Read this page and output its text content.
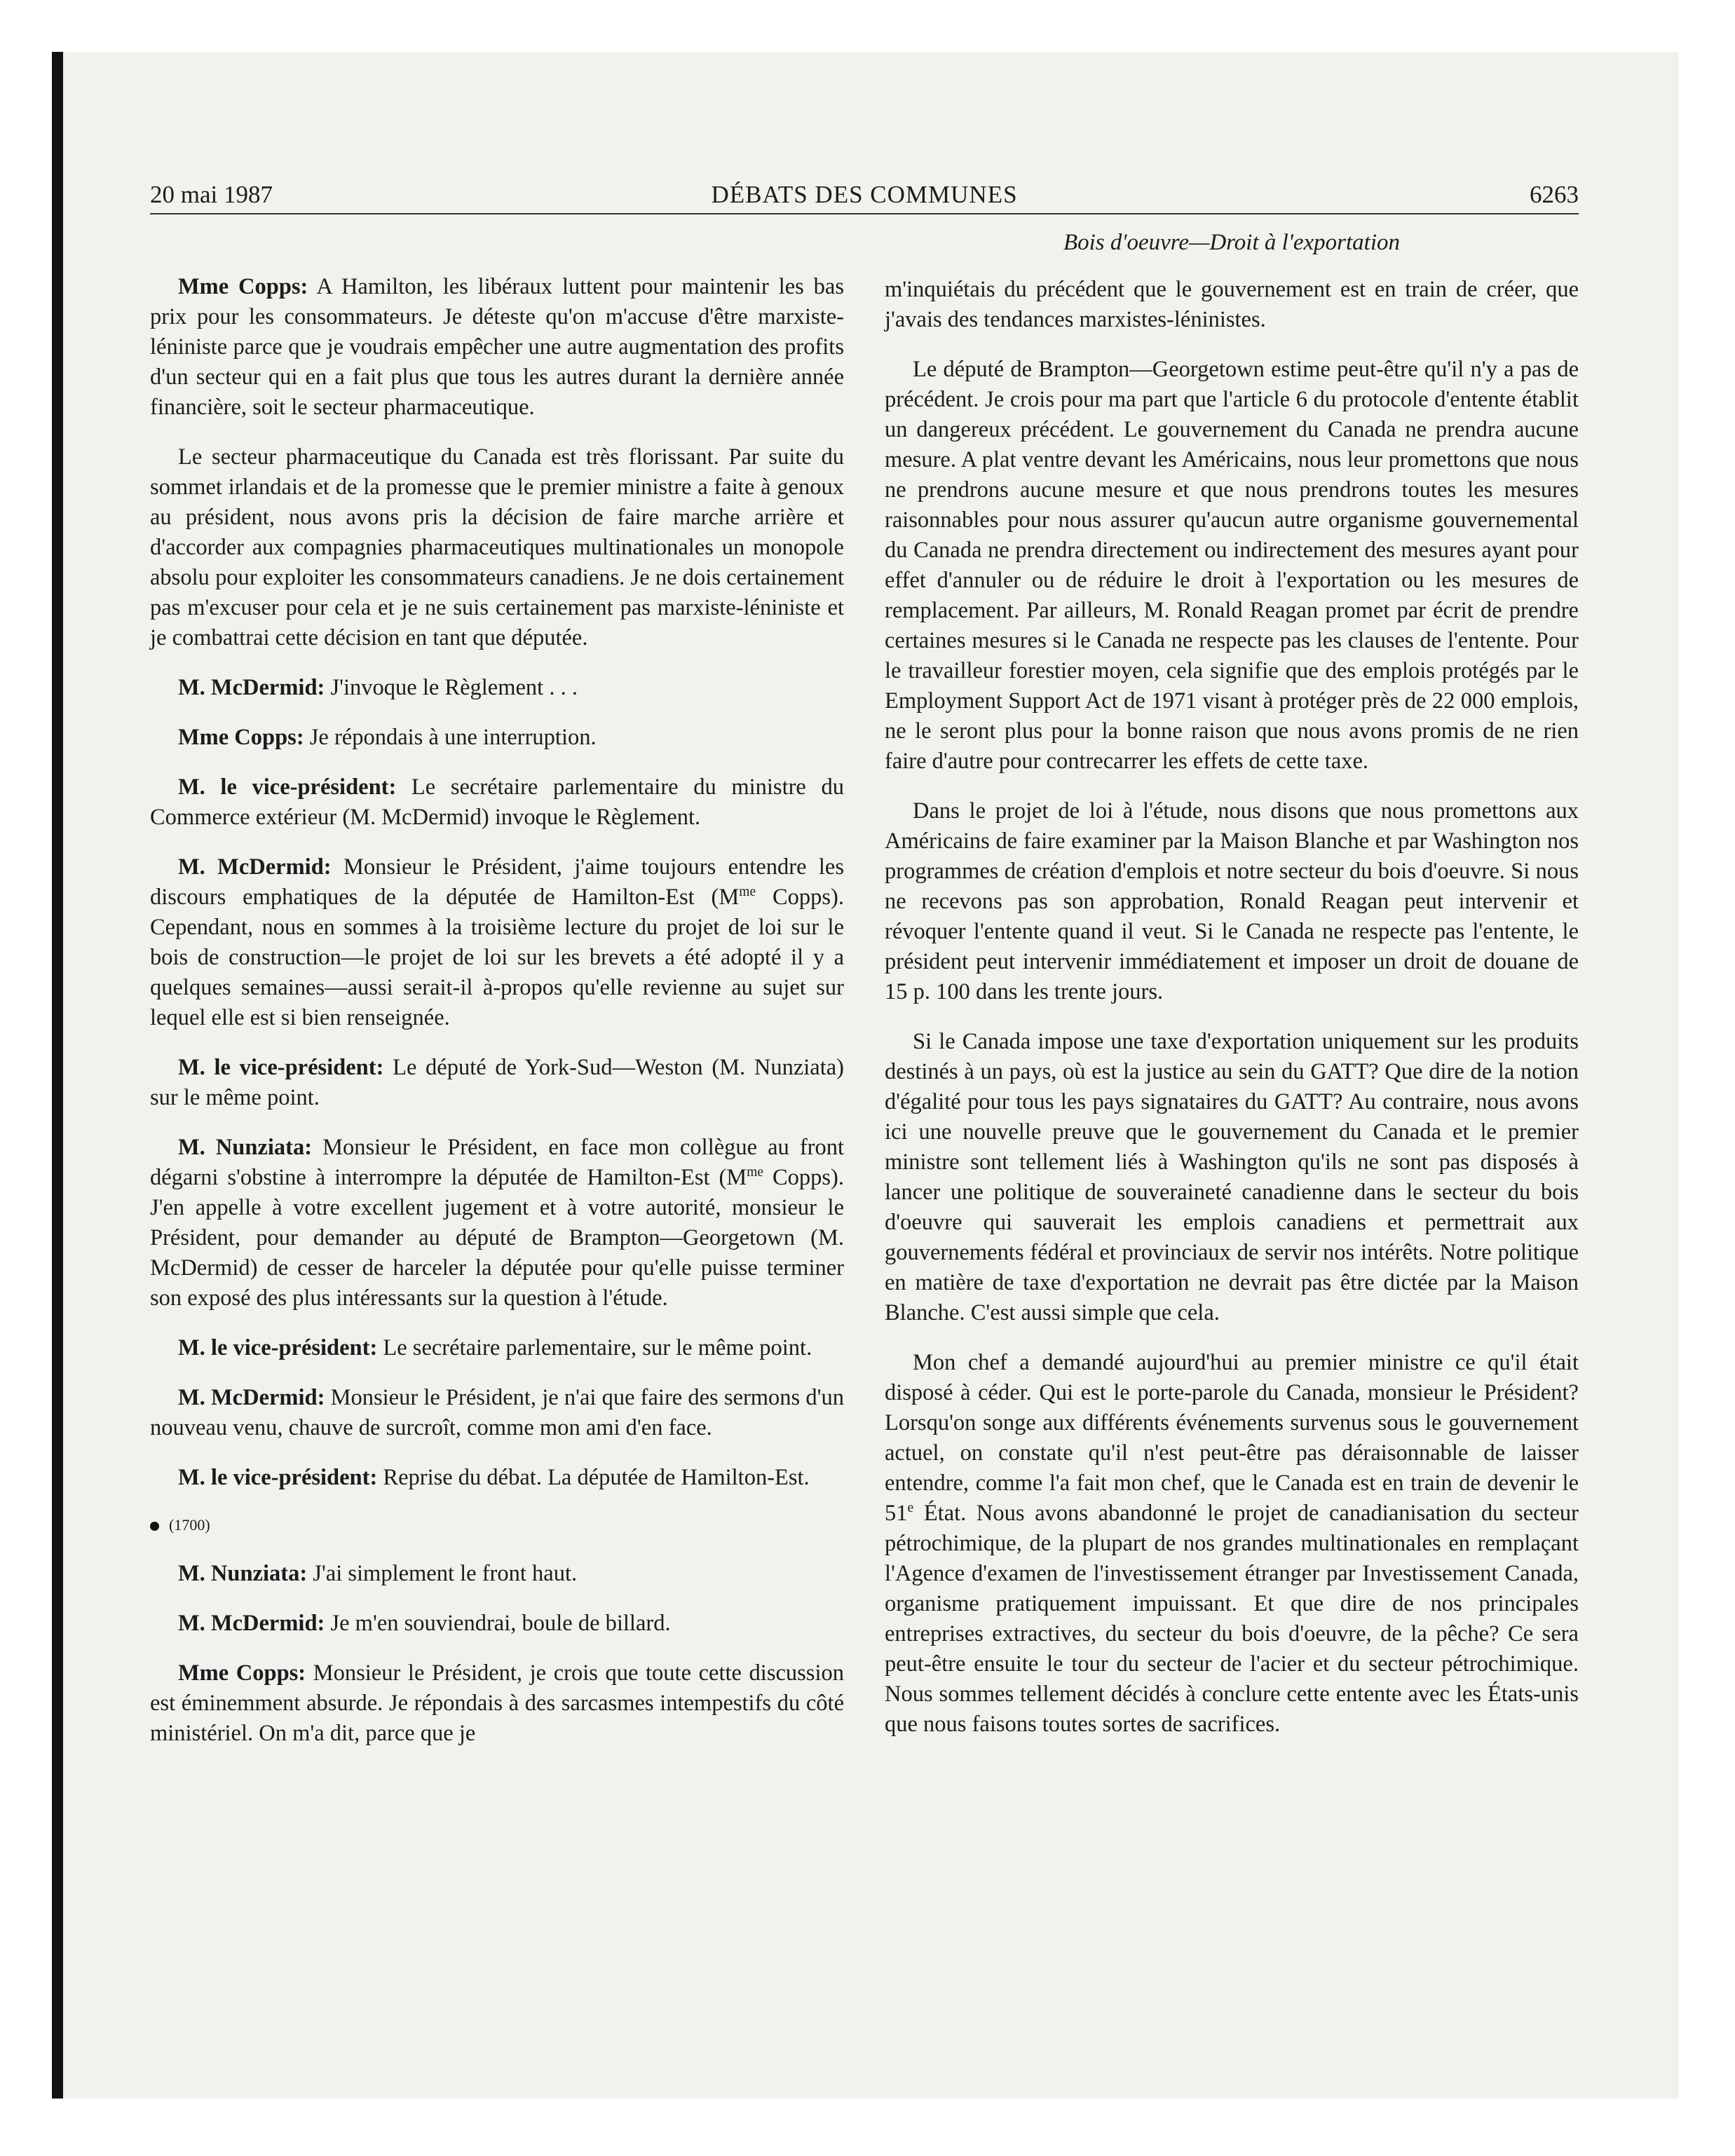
20 mai 1987	DÉBATS DES COMMUNES	6263
Bois d'oeuvre—Droit à l'exportation

Mme Copps: A Hamilton, les libéraux luttent pour maintenir les bas prix pour les consommateurs. Je déteste qu'on m'accuse d'être marxiste-léniniste parce que je voudrais empêcher une autre augmentation des profits d'un secteur qui en a fait plus que tous les autres durant la dernière année financière, soit le secteur pharmaceutique.

Le secteur pharmaceutique du Canada est très florissant. Par suite du sommet irlandais et de la promesse que le premier ministre a faite à genoux au président, nous avons pris la décision de faire marche arrière et d'accorder aux compagnies pharmaceutiques multinationales un monopole absolu pour exploiter les consommateurs canadiens. Je ne dois certainement pas m'excuser pour cela et je ne suis certainement pas marxiste-léniniste et je combattrai cette décision en tant que députée.

M. McDermid: J'invoque le Règlement . . .

Mme Copps: Je répondais à une interruption.

M. le vice-président: Le secrétaire parlementaire du ministre du Commerce extérieur (M. McDermid) invoque le Règlement.

M. McDermid: Monsieur le Président, j'aime toujours entendre les discours emphatiques de la députée de Hamilton-Est ($M^{me}$ Copps). Cependant, nous en sommes à la troisième lecture du projet de loi sur le bois de construction—le projet de loi sur les brevets a été adopté il y a quelques semaines—aussi serait-il à-propos qu'elle revienne au sujet sur lequel elle est si bien renseignée.

M. le vice-président: Le député de York-Sud—Weston (M. Nunziata) sur le même point.

M. Nunziata: Monsieur le Président, en face mon collègue au front dégarni s'obstine à interrompre la députée de Hamilton-Est ($M^{me}$ Copps). J'en appelle à votre excellent jugement et à votre autorité, monsieur le Président, pour demander au député de Brampton—Georgetown (M. McDermid) de cesser de harceler la députée pour qu'elle puisse terminer son exposé des plus intéressants sur la question à l'étude.

M. le vice-président: Le secrétaire parlementaire, sur le même point.

M. McDermid: Monsieur le Président, je n'ai que faire des sermons d'un nouveau venu, chauve de surcroît, comme mon ami d'en face.

M. le vice-président: Reprise du débat. La députée de Hamilton-Est.

(1700)

M. Nunziata: J'ai simplement le front haut.

M. McDermid: Je m'en souviendrai, boule de billard.

Mme Copps: Monsieur le Président, je crois que toute cette discussion est éminemment absurde. Je répondais à des sarcasmes intempestifs du côté ministériel. On m'a dit, parce que je

m'inquiétais du précédent que le gouvernement est en train de créer, que j'avais des tendances marxistes-léninistes.

Le député de Brampton—Georgetown estime peut-être qu'il n'y a pas de précédent. Je crois pour ma part que l'article 6 du protocole d'entente établit un dangereux précédent. Le gouvernement du Canada ne prendra aucune mesure. A plat ventre devant les Américains, nous leur promettons que nous ne prendrons aucune mesure et que nous prendrons toutes les mesures raisonnables pour nous assurer qu'aucun autre organisme gouvernemental du Canada ne prendra directement ou indirectement des mesures ayant pour effet d'annuler ou de réduire le droit à l'exportation ou les mesures de remplacement. Par ailleurs, M. Ronald Reagan promet par écrit de prendre certaines mesures si le Canada ne respecte pas les clauses de l'entente. Pour le travailleur forestier moyen, cela signifie que des emplois protégés par le Employment Support Act de 1971 visant à protéger près de 22 000 emplois, ne le seront plus pour la bonne raison que nous avons promis de ne rien faire d'autre pour contrecarrer les effets de cette taxe.

Dans le projet de loi à l'étude, nous disons que nous promettons aux Américains de faire examiner par la Maison Blanche et par Washington nos programmes de création d'emplois et notre secteur du bois d'oeuvre. Si nous ne recevons pas son approbation, Ronald Reagan peut intervenir et révoquer l'entente quand il veut. Si le Canada ne respecte pas l'entente, le président peut intervenir immédiatement et imposer un droit de douane de 15 p. 100 dans les trente jours.

Si le Canada impose une taxe d'exportation uniquement sur les produits destinés à un pays, où est la justice au sein du GATT? Que dire de la notion d'égalité pour tous les pays signataires du GATT? Au contraire, nous avons ici une nouvelle preuve que le gouvernement du Canada et le premier ministre sont tellement liés à Washington qu'ils ne sont pas disposés à lancer une politique de souveraineté canadienne dans le secteur du bois d'oeuvre qui sauverait les emplois canadiens et permettrait aux gouvernements fédéral et provinciaux de servir nos intérêts. Notre politique en matière de taxe d'exportation ne devrait pas être dictée par la Maison Blanche. C'est aussi simple que cela.

Mon chef a demandé aujourd'hui au premier ministre ce qu'il était disposé à céder. Qui est le porte-parole du Canada, monsieur le Président? Lorsqu'on songe aux différents événements survenus sous le gouvernement actuel, on constate qu'il n'est peut-être pas déraisonnable de laisser entendre, comme l'a fait mon chef, que le Canada est en train de devenir le 51e État. Nous avons abandonné le projet de canadianisation du secteur pétrochimique, de la plupart de nos grandes multinationales en remplaçant l'Agence d'examen de l'investissement étranger par Investissement Canada, organisme pratiquement impuissant. Et que dire de nos principales entreprises extractives, du secteur du bois d'oeuvre, de la pêche? Ce sera peut-être ensuite le tour du secteur de l'acier et du secteur pétrochimique. Nous sommes tellement décidés à conclure cette entente avec les États-unis que nous faisons toutes sortes de sacrifices.
